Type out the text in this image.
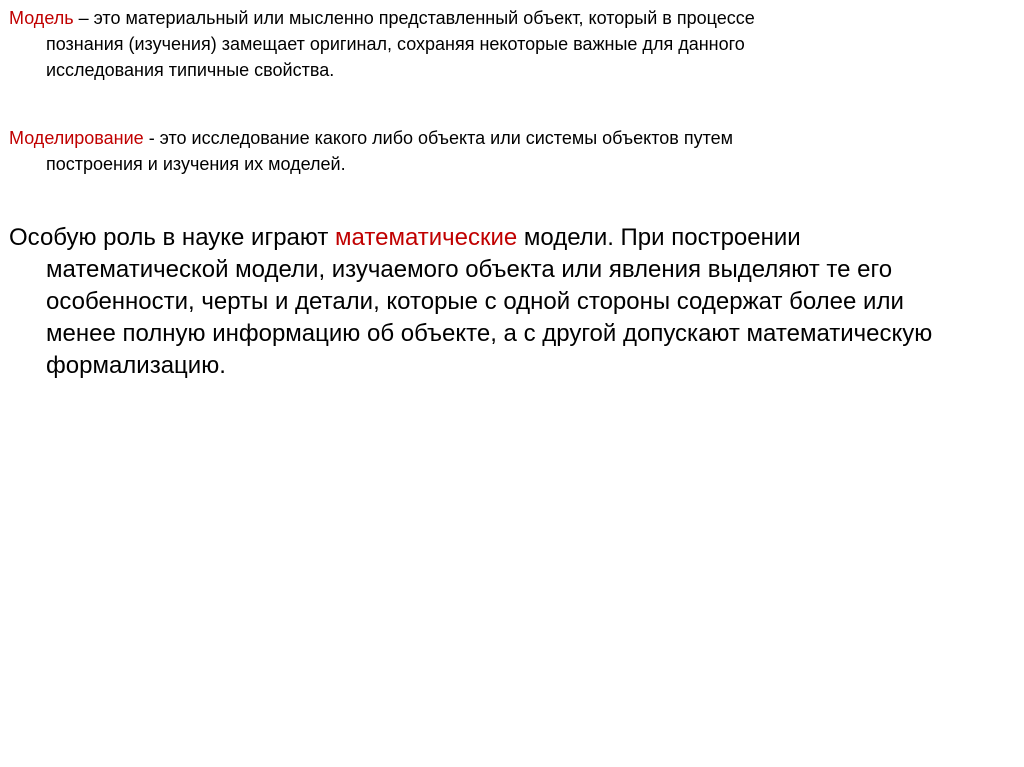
Модель – это материальный или мысленно представленный объект, который в процессе
познания (изучения) замещает оригинал, сохраняя некоторые важные для данного
исследования типичные свойства.
Моделирование - это исследование какого либо объекта или системы объектов путем
построения и изучения их моделей.
Особую роль в науке играют математические модели. При построении
математической модели, изучаемого объекта или явления выделяют те его
особенности, черты и детали, которые с одной стороны содержат более или
менее полную информацию об объекте, а с другой допускают математическую
формализацию.
